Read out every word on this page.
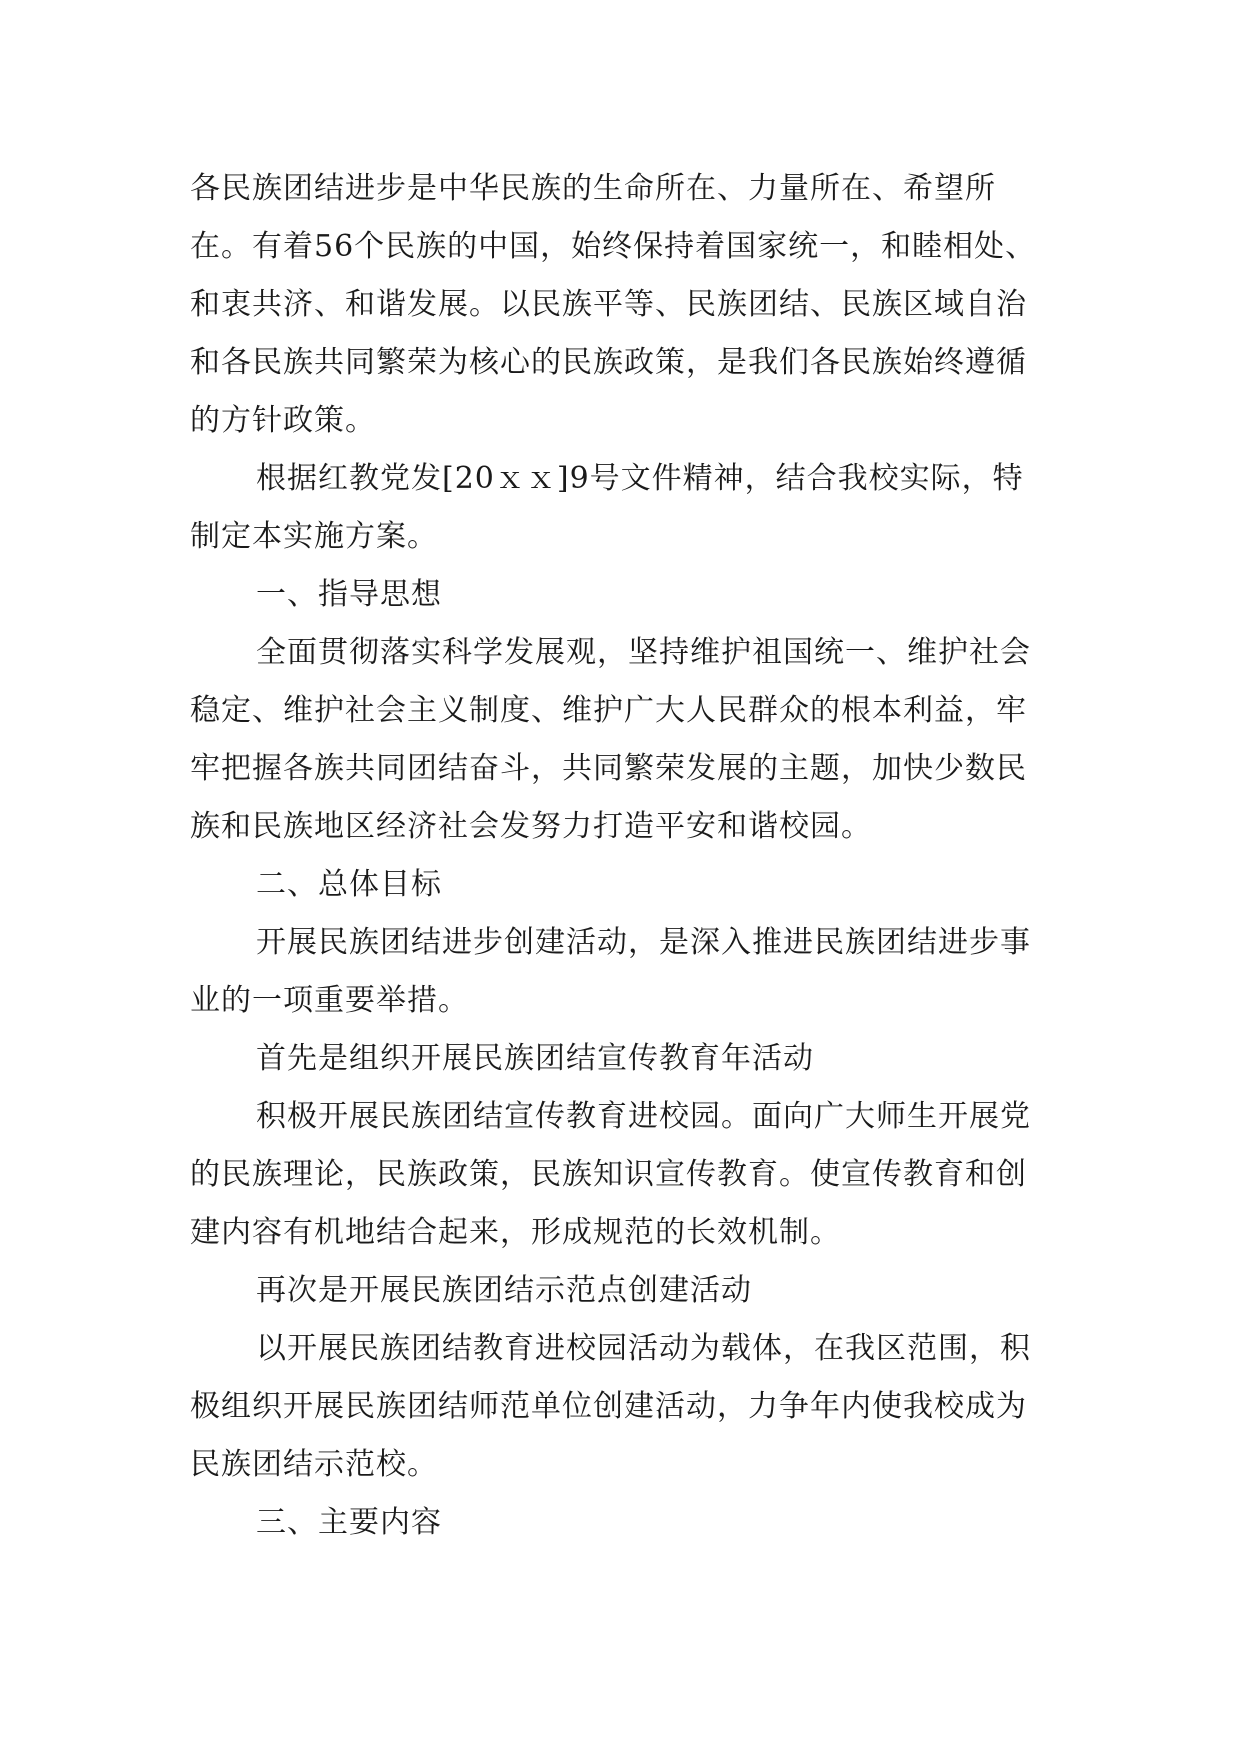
各民族团结进步是中华民族的生命所在、力量所在、希望所在。有着56个民族的中国，始终保持着国家统一，和睦相处、和衷共济、和谐发展。以民族平等、民族团结、民族区域自治和各民族共同繁荣为核心的民族政策，是我们各民族始终遵循的方针政策。

根据红教党发[20ｘｘ]9号文件精神，结合我校实际，特制定本实施方案。

一、指导思想

全面贯彻落实科学发展观，坚持维护祖国统一、维护社会稳定、维护社会主义制度、维护广大人民群众的根本利益，牢牢把握各族共同团结奋斗，共同繁荣发展的主题，加快少数民族和民族地区经济社会发努力打造平安和谐校园。

二、总体目标

开展民族团结进步创建活动，是深入推进民族团结进步事业的一项重要举措。

首先是组织开展民族团结宣传教育年活动

积极开展民族团结宣传教育进校园。面向广大师生开展党的民族理论，民族政策，民族知识宣传教育。使宣传教育和创建内容有机地结合起来，形成规范的长效机制。

再次是开展民族团结示范点创建活动

以开展民族团结教育进校园活动为载体，在我区范围，积极组织开展民族团结师范单位创建活动，力争年内使我校成为民族团结示范校。

三、主要内容
